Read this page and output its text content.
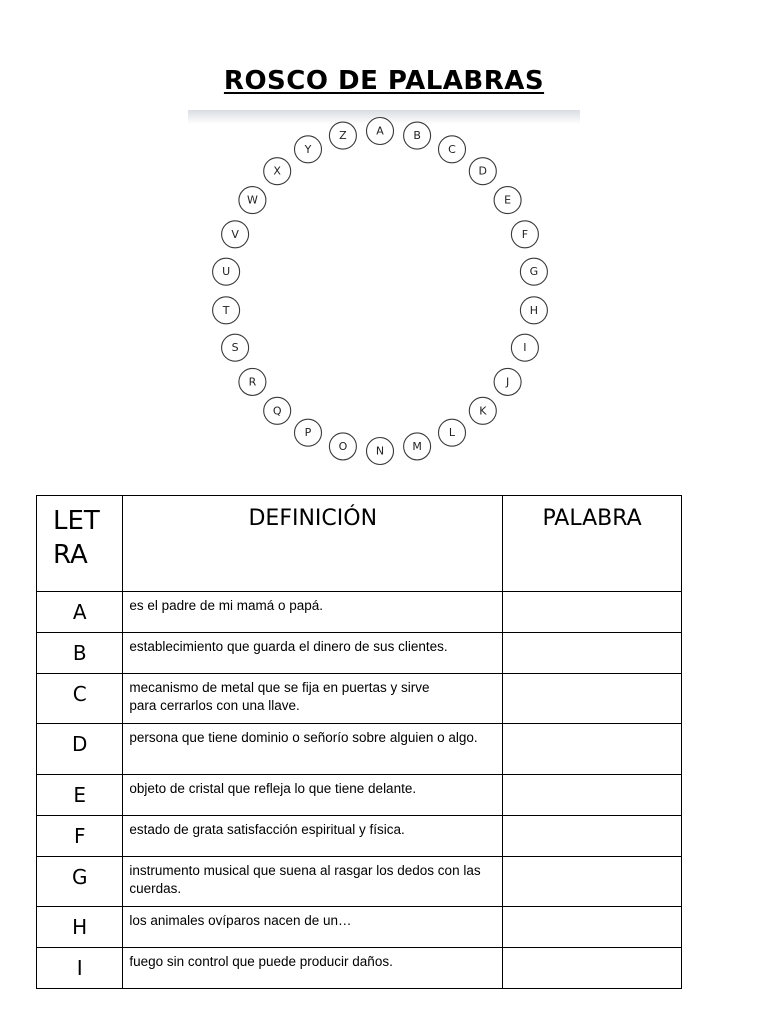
ROSCO DE PALABRAS
A	B
C
D
E
F
G
H
I
J
K
L
M
N
O
P
Q
R
S
T
U
V
W
X
Y
Z
LET RA	DEFINICIÓN	PALABRA
A	es el padre de mi mamá o papá.	
B	establecimiento que guarda el dinero de sus clientes.	
C	mecanismo de metal que se fija en puertas y sirve para cerrarlos con una llave.	
D	persona que tiene dominio o señorío sobre alguien o algo.	
E	objeto de cristal que refleja lo que tiene delante.	
F	estado de grata satisfacción espiritual y física.	
G	instrumento musical que suena al rasgar los dedos con las cuerdas.	
H	los animales ovíparos nacen de un…	
I	fuego sin control que puede producir daños.	
